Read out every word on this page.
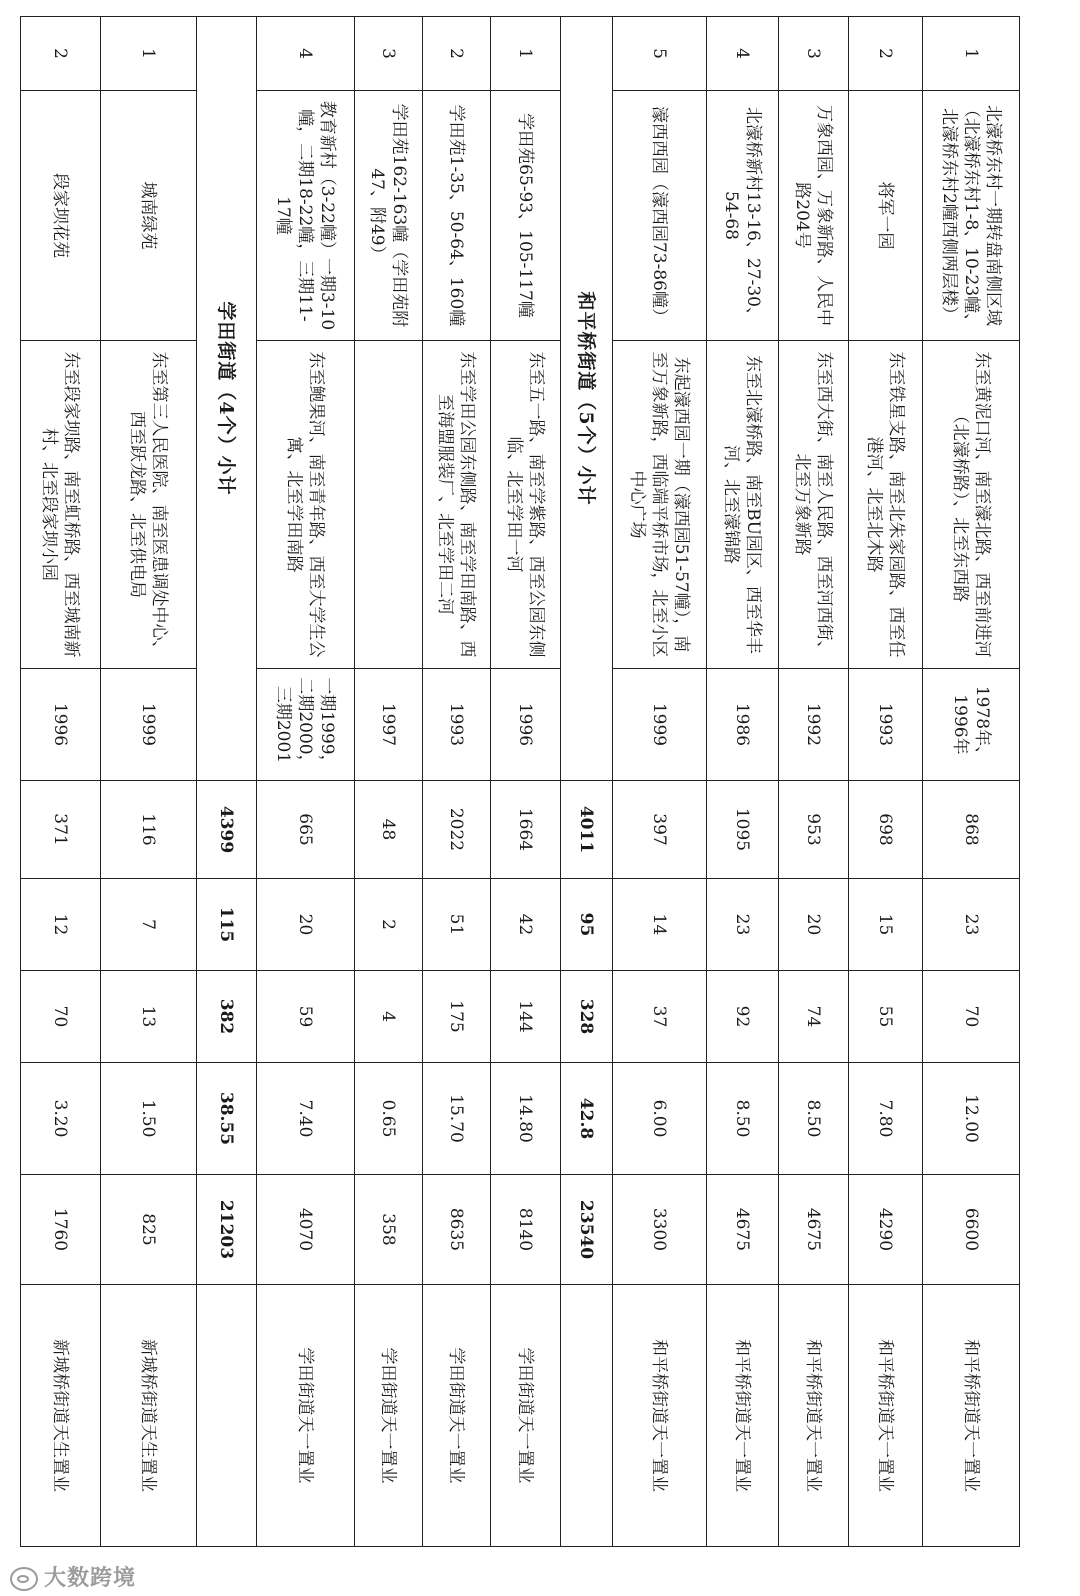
1	北濠桥东村一期转盘南侧区域（北濠桥东村1-8、10-23幢、北濠桥东村2幢西侧两层楼）	东至黄泥口河、南至濠北路、西至前进河（北濠桥路）、北至东西路	1978年、1996年	868	23	70	12.00	6600	和平桥街道天一置业
2	将军一园	东至铁星支路、南至北朱家园路、西至任港河、北至北木路	1993	698	15	55	7.80	4290	和平桥街道天一置业
3	万象西园、万象新路、人民中路204号	东至西大街、南至人民路、西至河西街、北至万象新路	1992	953	20	74	8.50	4675	和平桥街道天一置业
4	北濠桥新村13-16、27-30、54-68	东至北濠桥路、南至BU园区、西至华丰河、北至濠锦路	1986	1095	23	92	8.50	4675	和平桥街道天一置业
5	濠西西园（濠西园73-86幢）	东起濠西园一期（濠西园51-57幢），南至万象新路，西临端平桥市场，北至小区中心广场	1999	397	14	37	6.00	3300	和平桥街道天一置业
和平桥街道（5个）小计				4011	95	328	42.8	23540	
1	学田苑65-93、105-117幢	东至五一路、南至学紫路、西至公园东侧临、北至学田一河	1996	1664	42	144	14.80	8140	学田街道天一置业
2	学田苑1-35、50-64、160幢	东至学田公园东侧路、南至学田南路、西至海盟服装厂、北至学田二河	1993	2022	51	175	15.70	8635	学田街道天一置业
3	学田苑162-163幢（学田苑附47、附49）		1997	48	2	4	0.65	358	学田街道天一置业
4	教育新村（3-22幢）一期3-10幢，二期18-22幢，三期11-17幢	东至鲍果河、南至青年路、西至大学生公寓、北至学田南路	一期1999，二期2000，三期2001	665	20	59	7.40	4070	学田街道天一置业
学田街道（4个）小计				4399	115	382	38.55	21203	
1	城南绿苑	东至第三人民医院、南至医患调处中心、西至跃龙路、北至供电局	1999	116	7	13	1.50	825	新城桥街道天生置业
2	段家坝花苑	东至段家坝路、南至虹桥路、西至城南新村、北至段家坝小园	1996	371	12	70	3.20	1760	新城桥街道天生置业
大数跨境
